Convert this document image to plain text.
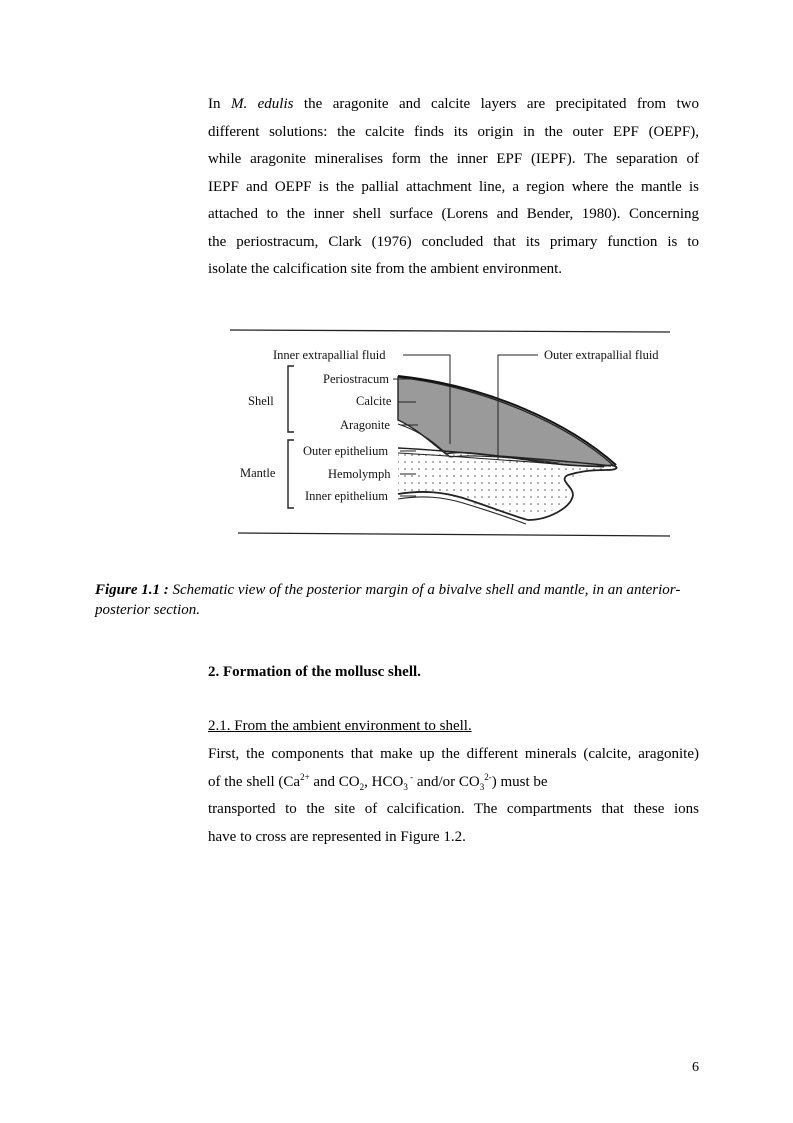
In M. edulis the aragonite and calcite layers are precipitated from two
different solutions: the calcite finds its origin in the outer EPF (OEPF),
while aragonite mineralises form the inner EPF (IEPF). The separation of
IEPF and OEPF is the pallial attachment line, a region where the mantle is
attached to the inner shell surface (Lorens and Bender, 1980). Concerning
the periostracum, Clark (1976) concluded that its primary function is to
isolate the calcification site from the ambient environment.
Inner extrapallial fluid	Outer extrapallial fluid
Periostracum
Calcite
Aragonite
Outer epithelium
Hemolymph
Inner epithelium
Shell
Mantle

Figure 1.1 : Schematic view of the posterior margin of a bivalve shell and mantle, in an anterior-posterior section.

2. Formation of the mollusc shell.

2.1. From the ambient environment to shell.

First, the components that make up the different minerals (calcite, aragonite)
of the shell ($Ca^{2+}$ and $CO_2$, $HCO_3$ - and/or $CO_3^{2-}$) must be
transported to the site of calcification. The compartments that these ions
have to cross are represented in Figure 1.2.
6
